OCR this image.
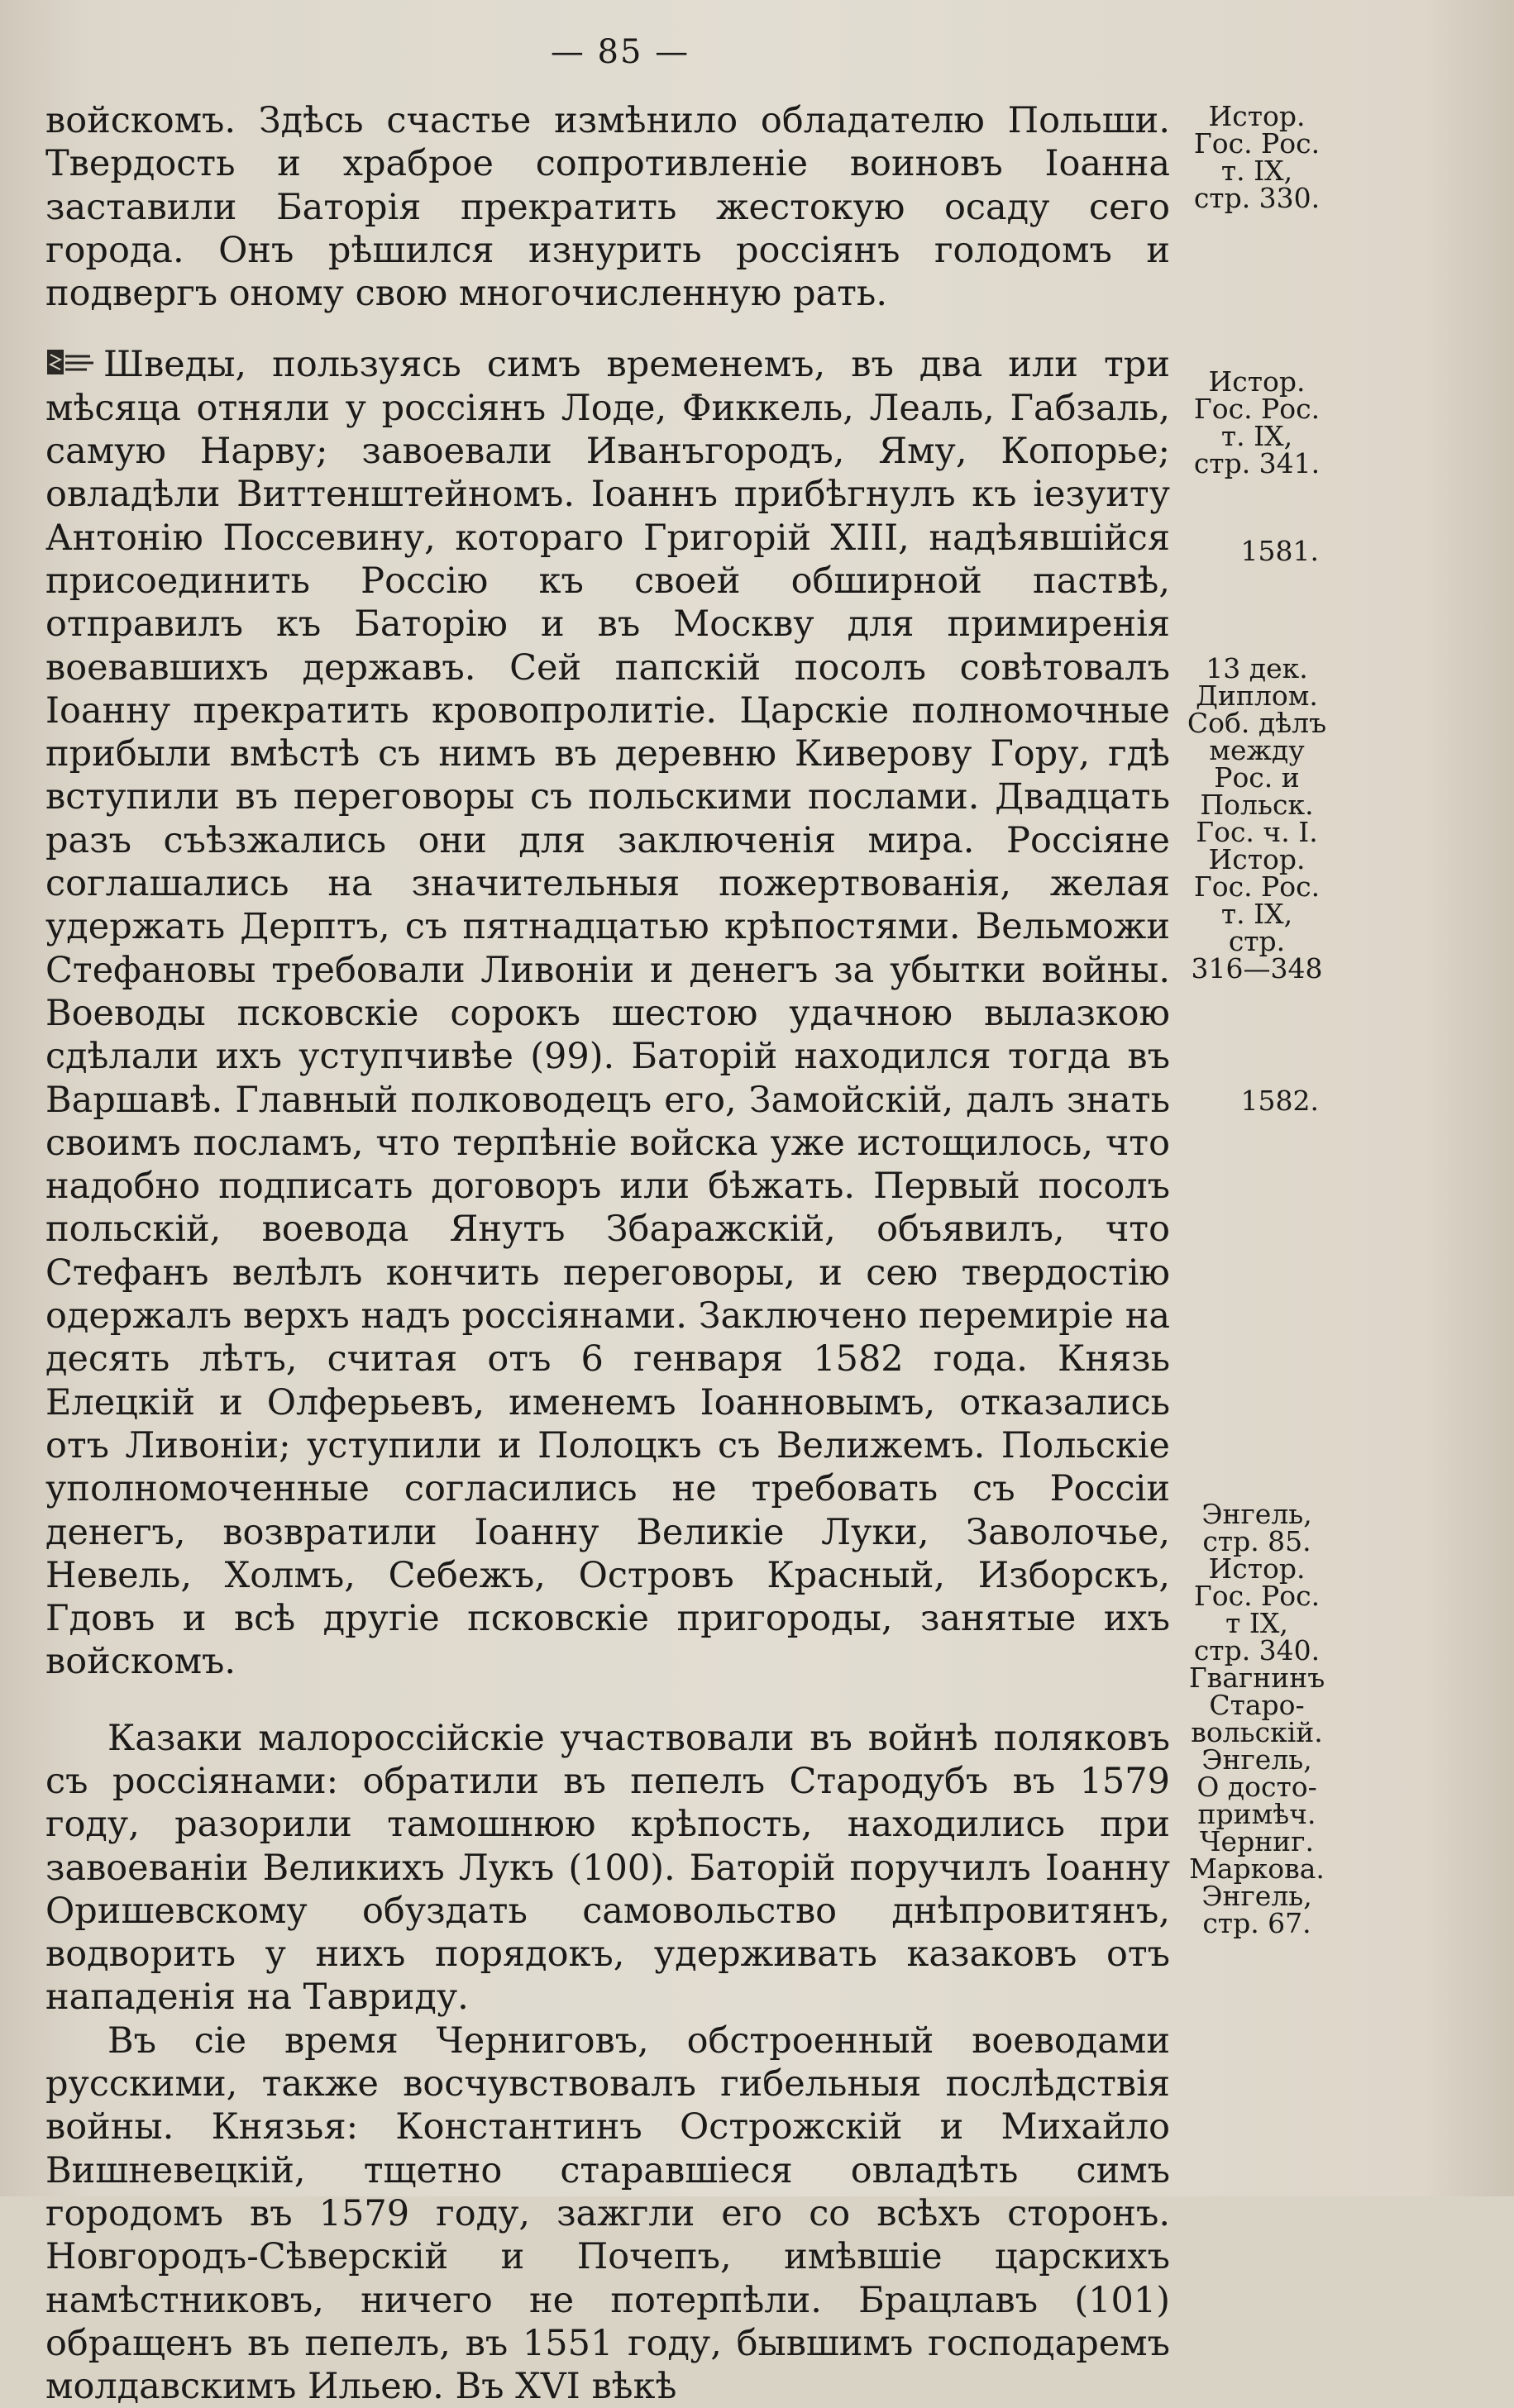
— 85 —

войскомъ. Здѣсь счастье измѣнило обладателю Польши. Твердость и храброе сопротивленіе воиновъ Іоанна заставили Баторія прекратить жестокую осаду сего города. Онъ рѣшился изнурить россіянъ голодомъ и подвергъ оному свою многочисленную рать.

Шведы, пользуясь симъ временемъ, въ два или три мѣсяца отняли у россіянъ Лоде, Фиккель, Леаль, Габзаль, самую Нарву; завоевали Иванъгородъ, Яму, Копорье; овладѣли Виттенштейномъ. Іоаннъ прибѣгнулъ къ іезуиту Антонію Поссевину, котораго Григорій XIII, надѣявшійся присоединить Россію къ своей обширной паствѣ, отправилъ къ Баторію и въ Москву для примиренія воевавшихъ державъ. Сей папскій посолъ совѣтовалъ Іоанну прекратить кровопролитіе. Царскіе полномочные прибыли вмѣстѣ съ нимъ въ деревню Киверову Гору, гдѣ вступили въ переговоры съ польскими послами. Двадцать разъ съѣзжались они для заключенія мира. Россіяне соглашались на значительныя пожертвованія, желая удержать Дерптъ, съ пятнадцатью крѣпостями. Вельможи Стефановы требовали Ливоніи и денегъ за убытки войны. Воеводы псковскіе сорокъ шестою удачною вылазкою сдѣлали ихъ уступчивѣе (99). Баторій находился тогда въ Варшавѣ. Главный полководецъ его, Замойскій, далъ знать своимъ посламъ, что терпѣніе войска уже истощилось, что надобно подписать договоръ или бѣжать. Первый посолъ польскій, воевода Янутъ Збаражскій, объявилъ, что Стефанъ велѣлъ кончить переговоры, и сею твердостію одержалъ верхъ надъ россіянами. Заключено перемиріе на десять лѣтъ, считая отъ 6 генваря 1582 года. Князь Елецкій и Олферьевъ, именемъ Іоанновымъ, отказались отъ Ливоніи; уступили и Полоцкъ съ Велижемъ. Польскіе уполномоченные согласились не требовать съ Россіи денегъ, возвратили Іоанну Великіе Луки, Заволочье, Невель, Холмъ, Себежъ, Островъ Красный, Изборскъ, Гдовъ и всѣ другіе псковскіе пригороды, занятые ихъ войскомъ.

Казаки малороссійскіе участвовали въ войнѣ поляковъ съ россіянами: обратили въ пепелъ Стародубъ въ 1579 году, разорили тамошнюю крѣпость, находились при завоеваніи Великихъ Лукъ (100). Баторій поручилъ Іоанну Оришевскому обуздать самовольство днѣпровитянъ, водворить у нихъ порядокъ, удерживать казаковъ отъ нападенія на Тавриду.

Въ сіе время Черниговъ, обстроенный воеводами русскими, также восчувствовалъ гибельныя послѣдствія войны. Князья: Константинъ Острожскій и Михайло Вишневецкій, тщетно старавшіеся овладѣть симъ городомъ въ 1579 году, зажгли его со всѣхъ сторонъ. Новгородъ-Сѣверскій и Почепъ, имѣвшіе царскихъ намѣстниковъ, ничего не потерпѣли. Брацлавъ (101) обращенъ въ пепелъ, въ 1551 году, бывшимъ господаремъ молдавскимъ Ильею. Въ XVI вѣкѣ

Истор.
Гос. Рос.
т. IX,
стр. 330.
Истор.
Гос. Рос.
т. IX,
стр. 341.
1581.
13 дек.
Диплом.
Соб. дѣлъ
между
Рос. и
Польск.
Гос. ч. I.
Истор.
Гос. Рос.
т. IX,
стр.
316—348
1582.
Энгель,
стр. 85.
Истор.
Гос. Рос.
т IX,
стр. 340.
Гвагнинъ
Старо-
вольскій.
Энгель,
О досто-
примѣч.
Черниг.
Маркова.
Энгель,
стр. 67.
